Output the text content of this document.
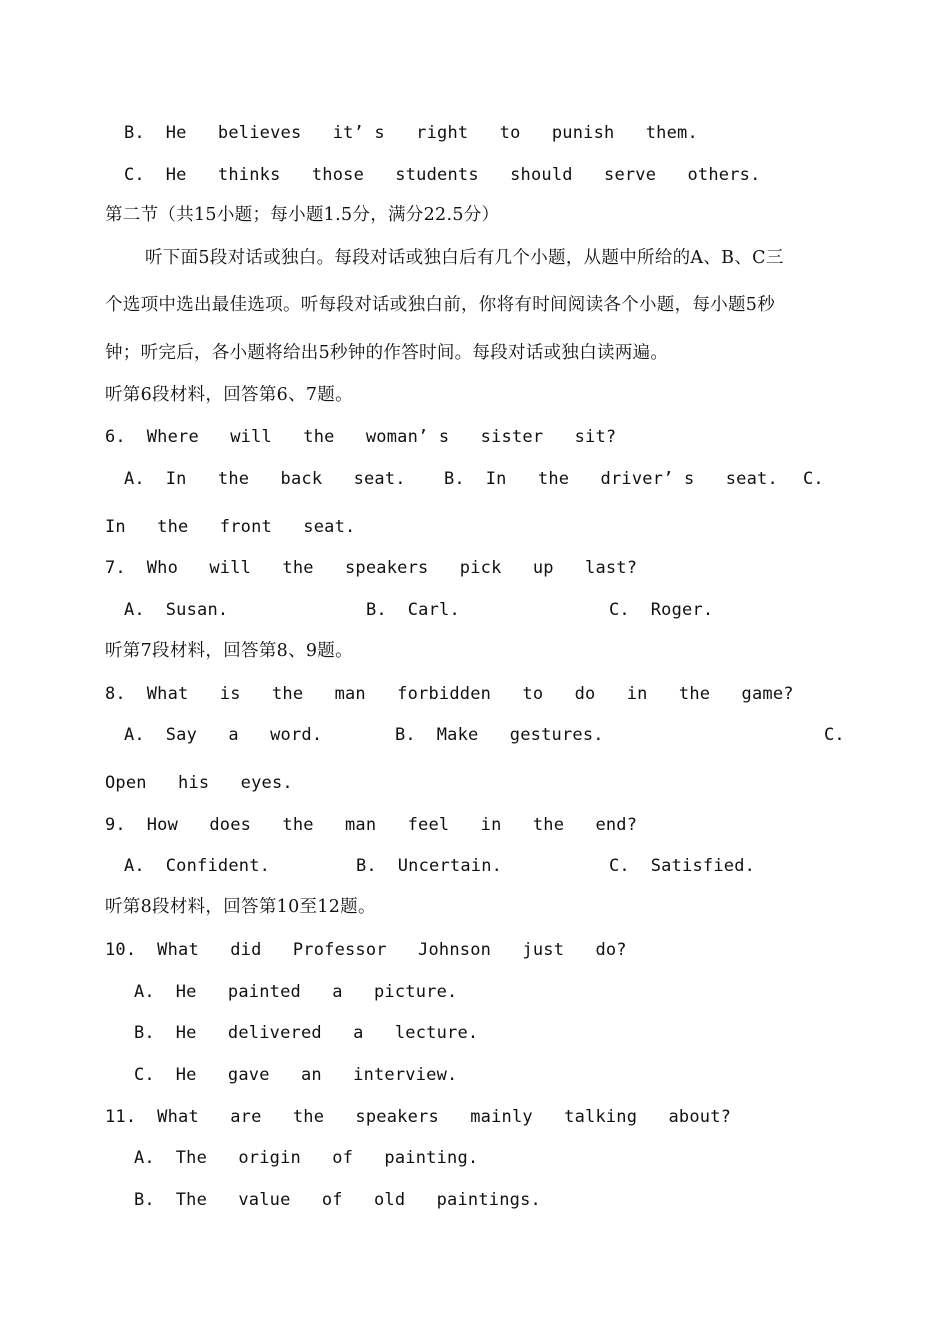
B.  He   believes   it’ s   right   to   punish   them.
C.  He   thinks   those   students   should   serve   others.
第二节（共15小题；每小题1.5分，满分22.5分）
听下面5段对话或独白。每段对话或独白后有几个小题，从题中所给的A、B、C三
个选项中选出最佳选项。听每段对话或独白前，你将有时间阅读各个小题，每小题5秒
钟；听完后，各小题将给出5秒钟的作答时间。每段对话或独白读两遍。
听第6段材料，回答第6、7题。
6.  Where   will   the   woman’ s   sister   sit?
A.  In   the   back   seat. B.  In   the   driver’ s   seat. C.
In   the   front   seat.
7.  Who   will   the   speakers   pick   up   last?
A.  Susan.	B.  Carl.	C.  Roger.
听第7段材料，回答第8、9题。
8.  What   is   the   man   forbidden   to   do   in   the   game?
A.  Say   a   word.	B.  Make   gestures.	C.
Open   his   eyes.
9.  How   does   the   man   feel   in   the   end?
A.  Confident.	B.  Uncertain.	C.  Satisfied.
听第8段材料，回答第10至12题。
10.  What   did   Professor   Johnson   just   do?
A.  He   painted   a   picture.
B.  He   delivered   a   lecture.
C.  He   gave   an   interview.
11.  What   are   the   speakers   mainly   talking   about?
A.  The   origin   of   painting.
B.  The   value   of   old   paintings.
